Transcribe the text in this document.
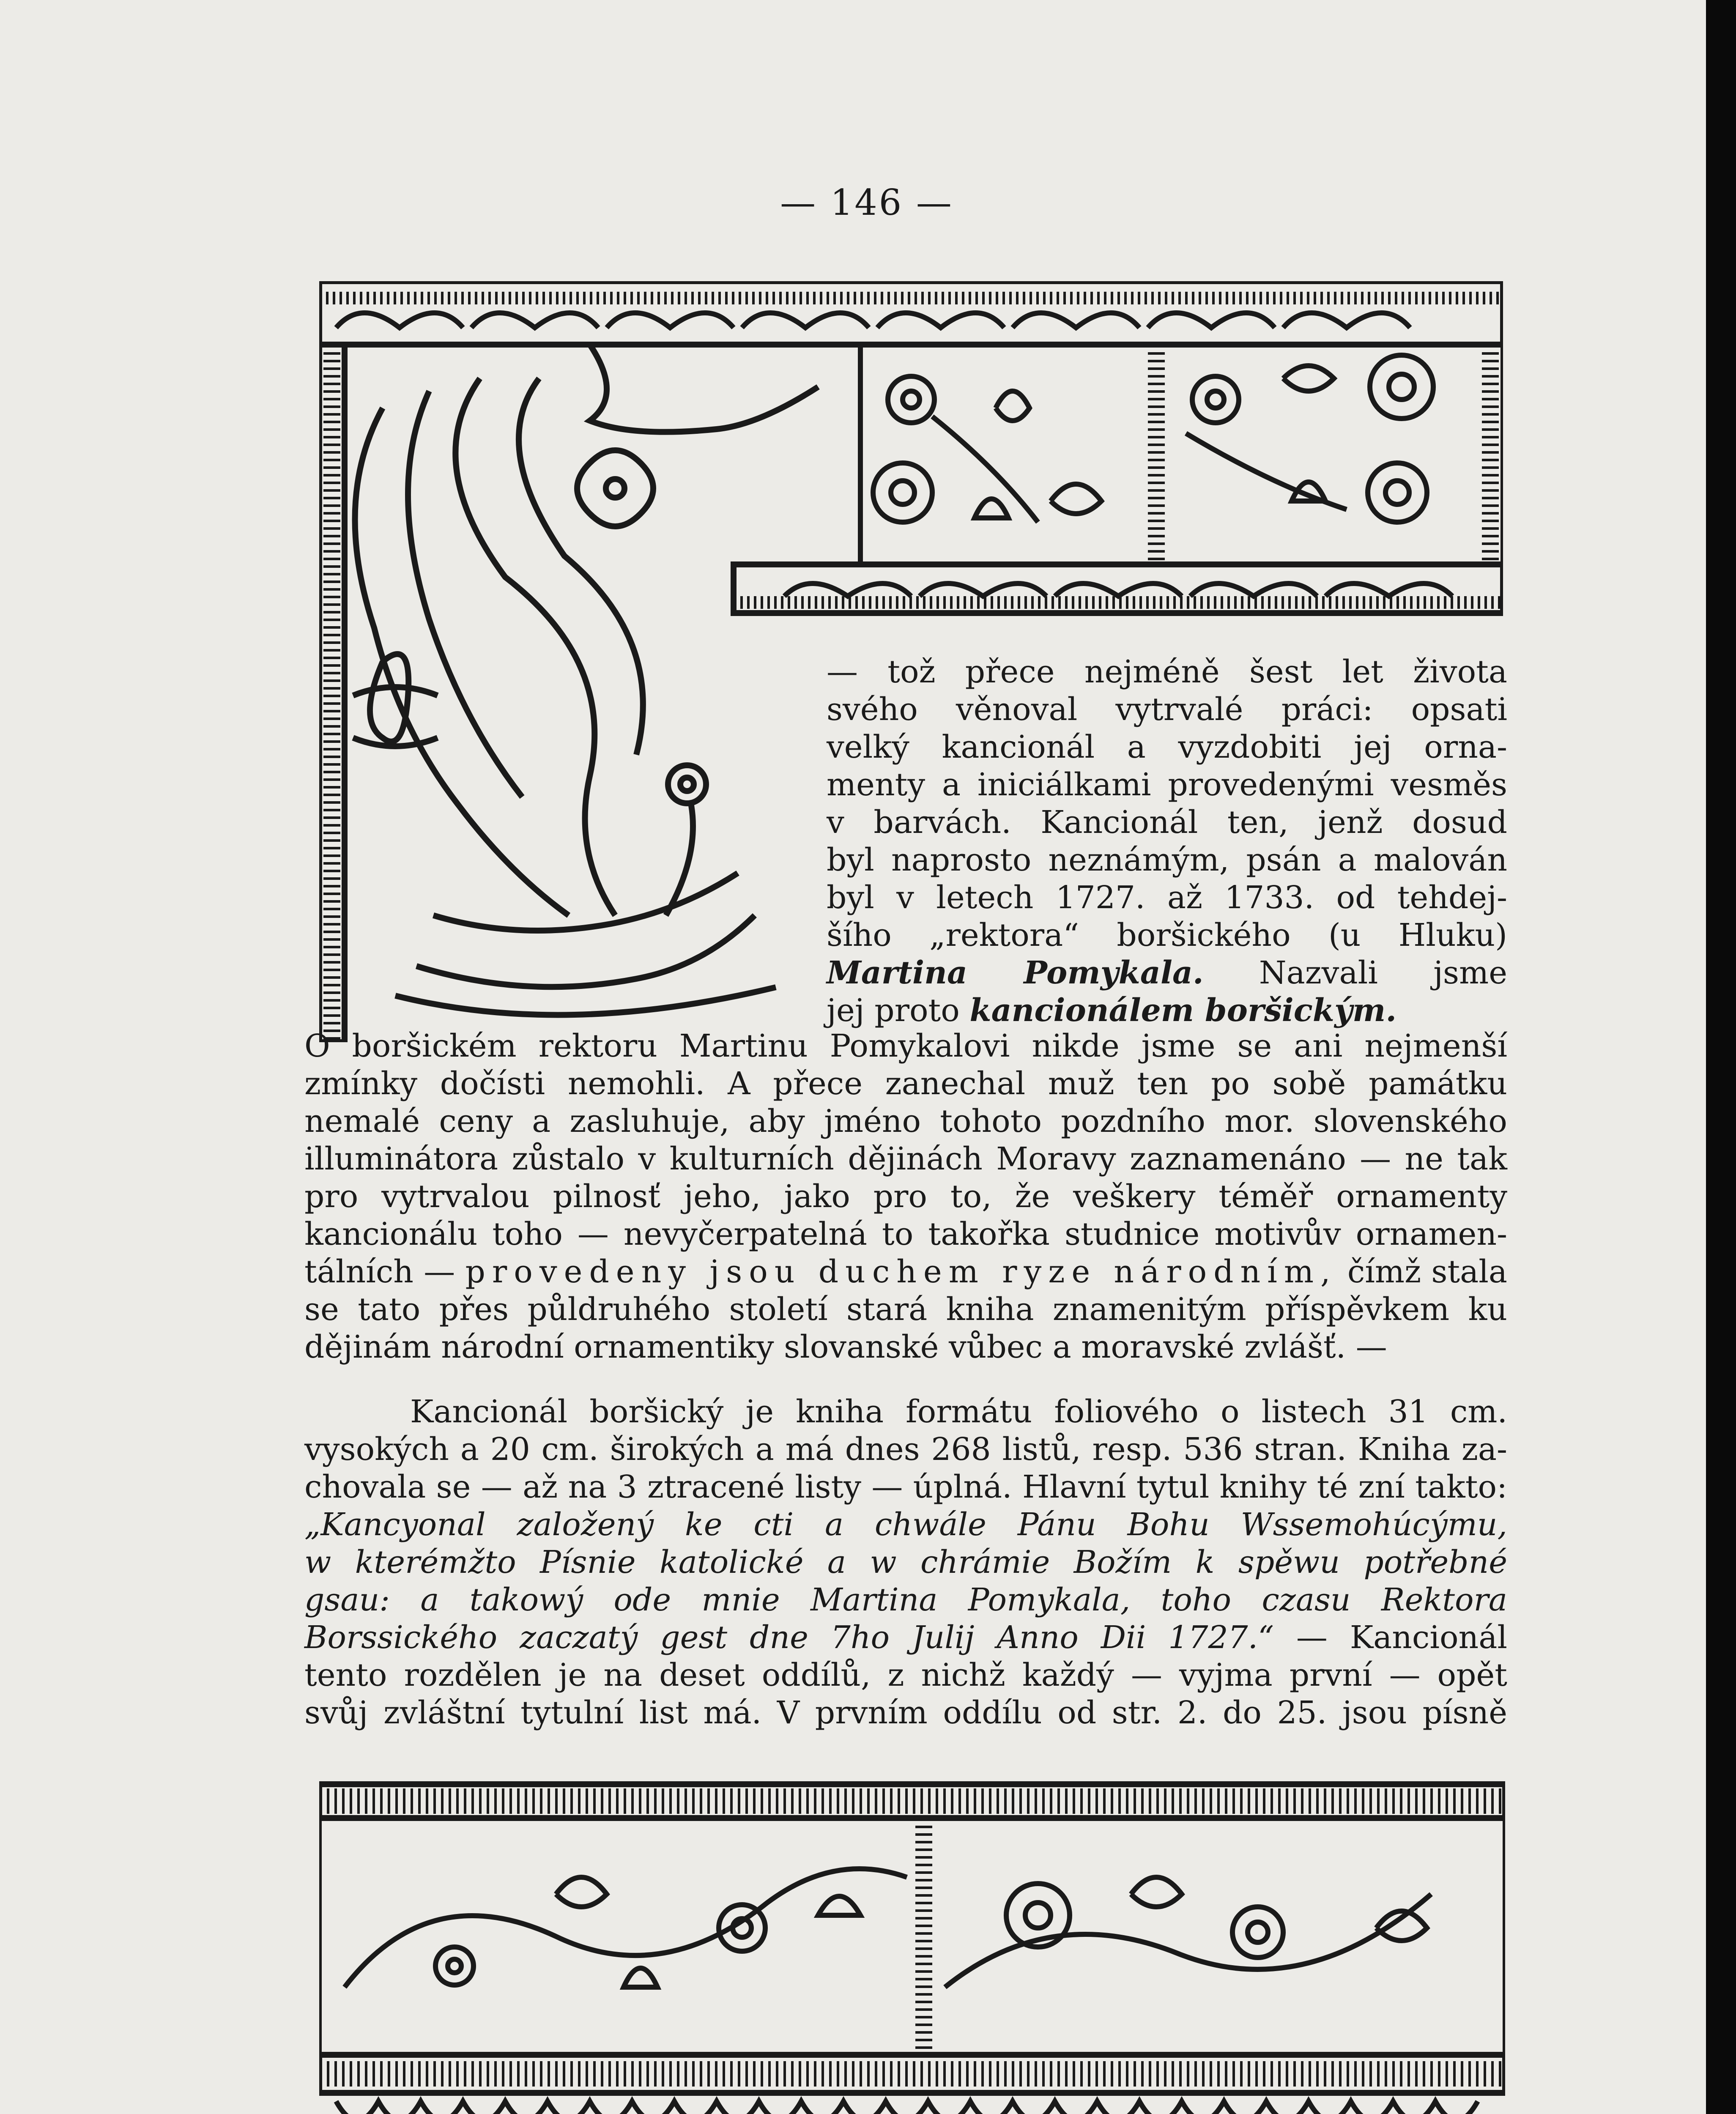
— 146 —
— tož přece nejméně šest let života
svého věnoval vytrvalé práci: opsati
velký kancionál a vyzdobiti jej orna-
menty a iniciálkami provedenými vesměs
v barvách. Kancionál ten, jenž dosud
byl naprosto neznámým, psán a malován
byl v letech 1727. až 1733. od tehdej-
šího „rektora“ boršického (u Hluku)
Martina Pomykala. Nazvali jsme
jej proto kancionálem boršickým.
O boršickém rektoru Martinu Pomykalovi nikde jsme se ani nejmenší
zmínky dočísti nemohli. A přece zanechal muž ten po sobě památku
nemalé ceny a zasluhuje, aby jméno tohoto pozdního mor. slovenského
illuminátora zůstalo v kulturních dějinách Moravy zaznamenáno — ne tak
pro vytrvalou pilnosť jeho, jako pro to, že veškery téměř ornamenty
kancionálu toho — nevyčerpatelná to takořka studnice motivův ornamen-
tálních — provedeny jsou duchem ryze národním, čímž stala
se tato přes půldruhého století stará kniha znamenitým příspěvkem ku
dějinám národní ornamentiky slovanské vůbec a moravské zvlášť. —
Kancionál boršický je kniha formátu foliového o listech 31 cm.
vysokých a 20 cm. širokých a má dnes 268 listů, resp. 536 stran. Kniha za-
chovala se — až na 3 ztracené listy — úplná. Hlavní tytul knihy té zní takto:
„Kancyonal založený ke cti a chwále Pánu Bohu Wssemohúcýmu,
w kterémžto Písnie katolické a w chrámie Božím k spěwu potřebné
gsau: a takowý ode mnie Martina Pomykala, toho czasu Rektora
Borssického zaczatý gest dne 7ho Julij Anno Dii 1727.“ — Kancionál
tento rozdělen je na deset oddílů, z nichž každý — vyjma první — opět
svůj zvláštní tytulní list má. V prvním oddílu od str. 2. do 25. jsou písně
